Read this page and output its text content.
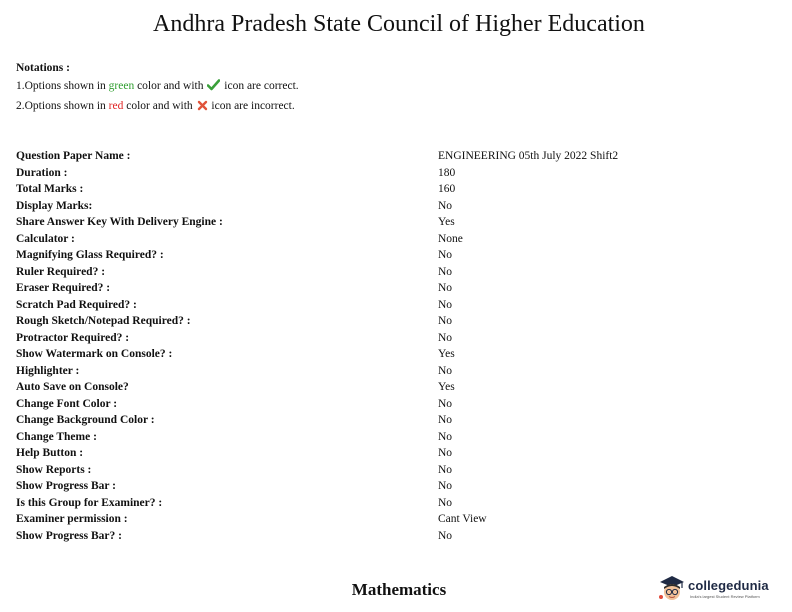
Andhra Pradesh State Council of Higher Education
Notations :
1.Options shown in green color and with  icon are correct.
2.Options shown in red color and with  icon are incorrect.
Question Paper Name :	ENGINEERING 05th July 2022 Shift2
Duration :	180
Total Marks :	160
Display Marks:	No
Share Answer Key With Delivery Engine :	Yes
Calculator :	None
Magnifying Glass Required? :	No
Ruler Required? :	No
Eraser Required? :	No
Scratch Pad Required? :	No
Rough Sketch/Notepad Required? :	No
Protractor Required? :	No
Show Watermark on Console? :	Yes
Highlighter :	No
Auto Save on Console?	Yes
Change Font Color :	No
Change Background Color :	No
Change Theme :	No
Help Button :	No
Show Reports :	No
Show Progress Bar :	No
Is this Group for Examiner? :	No
Examiner permission :	Cant View
Show Progress Bar? :	No
Mathematics	collegedunia
India's largest Student Review Platform
